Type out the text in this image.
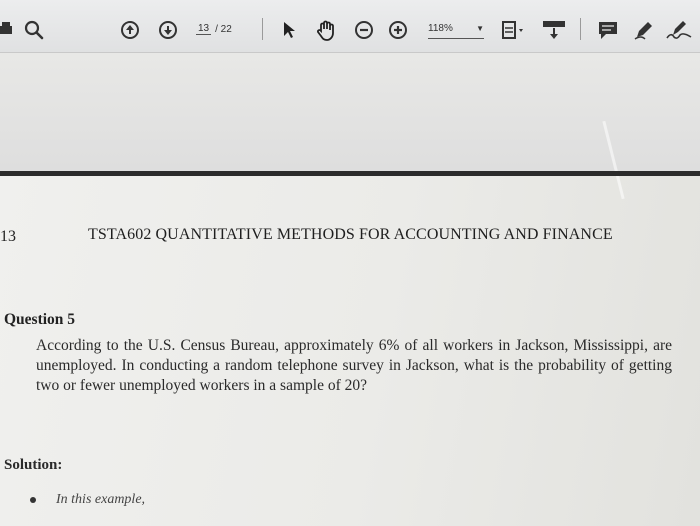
13 / 22	118%	▼
13	TSTA602 QUANTITATIVE METHODS FOR ACCOUNTING AND FINANCE
Question 5
According to the U.S. Census Bureau, approximately 6% of all workers in Jackson, Mississippi, are unemployed. In conducting a random telephone survey in Jackson, what is the probability of getting two or fewer unemployed workers in a sample of 20?
Solution:
In this example,
